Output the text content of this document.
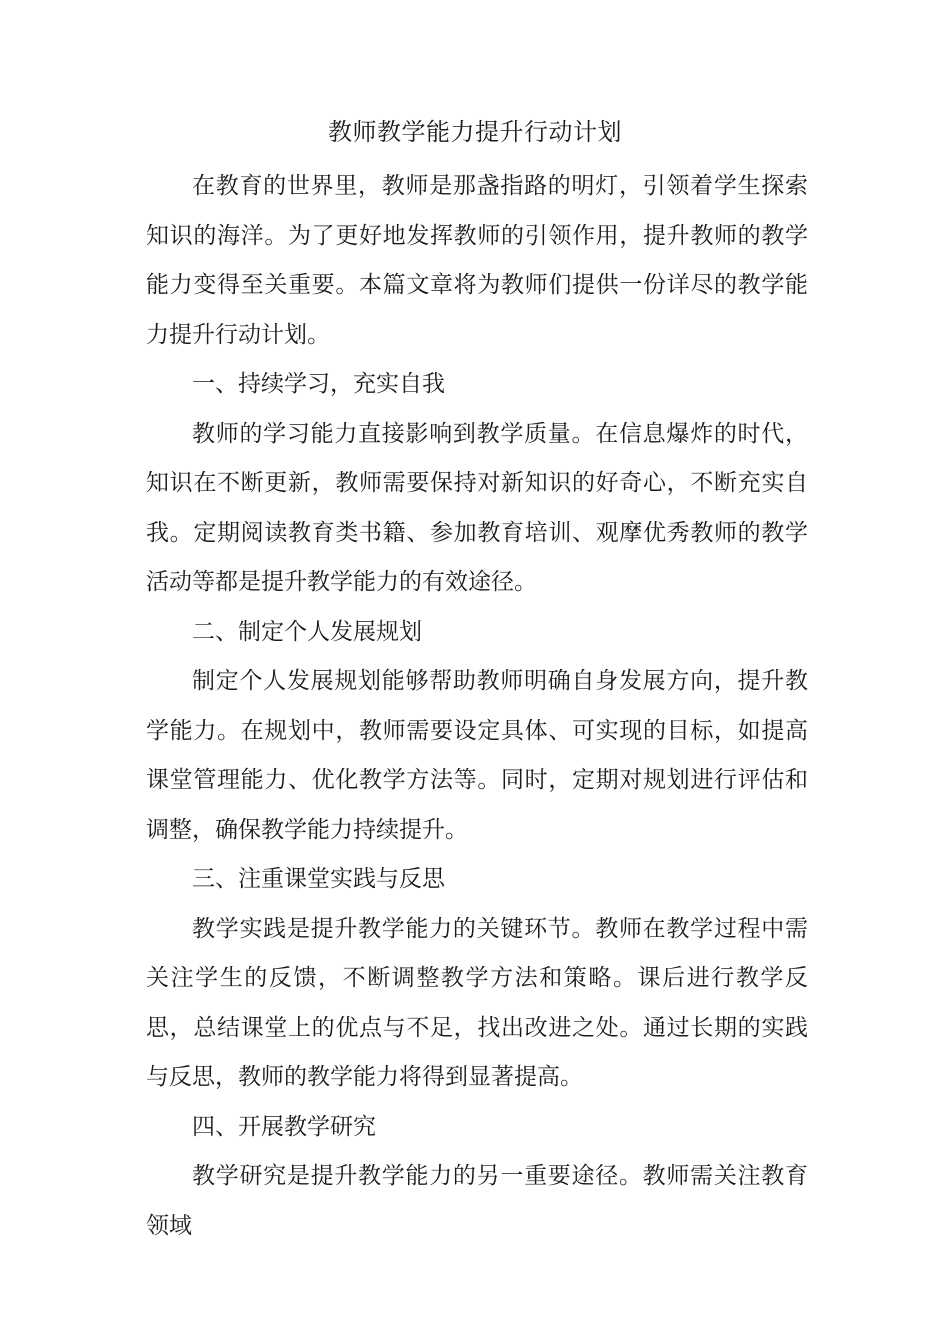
教师教学能力提升行动计划

在教育的世界里，教师是那盏指路的明灯，引领着学生探索知识的海洋。为了更好地发挥教师的引领作用，提升教师的教学能力变得至关重要。本篇文章将为教师们提供一份详尽的教学能力提升行动计划。

一、持续学习，充实自我

教师的学习能力直接影响到教学质量。在信息爆炸的时代，知识在不断更新，教师需要保持对新知识的好奇心，不断充实自我。定期阅读教育类书籍、参加教育培训、观摩优秀教师的教学活动等都是提升教学能力的有效途径。

二、制定个人发展规划

制定个人发展规划能够帮助教师明确自身发展方向，提升教学能力。在规划中，教师需要设定具体、可实现的目标，如提高课堂管理能力、优化教学方法等。同时，定期对规划进行评估和调整，确保教学能力持续提升。

三、注重课堂实践与反思

教学实践是提升教学能力的关键环节。教师在教学过程中需关注学生的反馈，不断调整教学方法和策略。课后进行教学反思，总结课堂上的优点与不足，找出改进之处。通过长期的实践与反思，教师的教学能力将得到显著提高。

四、开展教学研究

教学研究是提升教学能力的另一重要途径。教师需关注教育领域
